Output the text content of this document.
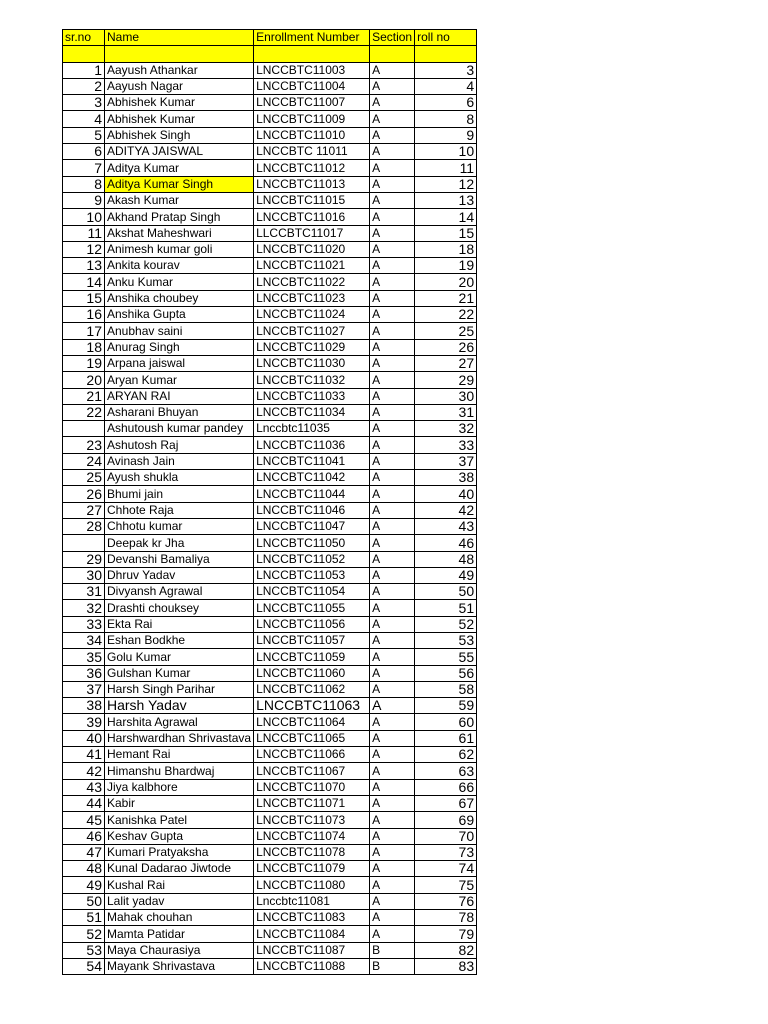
sr.no	Name	Enrollment Number	Section	roll no

1	Aayush Athankar	LNCCBTC11003	A	3
2	Aayush Nagar	LNCCBTC11004	A	4
3	Abhishek Kumar	LNCCBTC11007	A	6
4	Abhishek Kumar	LNCCBTC11009	A	8
5	Abhishek Singh	LNCCBTC11010	A	9
6	ADITYA JAISWAL	LNCCBTC 11011	A	10
7	Aditya Kumar	LNCCBTC11012	A	11
8	Aditya Kumar Singh	LNCCBTC11013	A	12
9	Akash Kumar	LNCCBTC11015	A	13
10	Akhand Pratap Singh	LNCCBTC11016	A	14
11	Akshat Maheshwari	LLCCBTC11017	A	15
12	Animesh kumar goli	LNCCBTC11020	A	18
13	Ankita kourav	LNCCBTC11021	A	19
14	Anku Kumar	LNCCBTC11022	A	20
15	Anshika choubey	LNCCBTC11023	A	21
16	Anshika Gupta	LNCCBTC11024	A	22
17	Anubhav saini	LNCCBTC11027	A	25
18	Anurag Singh	LNCCBTC11029	A	26
19	Arpana jaiswal	LNCCBTC11030	A	27
20	Aryan Kumar	LNCCBTC11032	A	29
21	ARYAN RAI	LNCCBTC11033	A	30
22	Asharani Bhuyan	LNCCBTC11034	A	31
	Ashutoush kumar pandey	Lnccbtc11035	A	32
23	Ashutosh Raj	LNCCBTC11036	A	33
24	Avinash Jain	LNCCBTC11041	A	37
25	Ayush shukla	LNCCBTC11042	A	38
26	Bhumi jain	LNCCBTC11044	A	40
27	Chhote Raja	LNCCBTC11046	A	42
28	Chhotu kumar	LNCCBTC11047	A	43
	Deepak kr Jha	LNCCBTC11050	A	46
29	Devanshi Bamaliya	LNCCBTC11052	A	48
30	Dhruv Yadav	LNCCBTC11053	A	49
31	Divyansh Agrawal	LNCCBTC11054	A	50
32	Drashti chouksey	LNCCBTC11055	A	51
33	Ekta Rai	LNCCBTC11056	A	52
34	Eshan Bodkhe	LNCCBTC11057	A	53
35	Golu Kumar	LNCCBTC11059	A	55
36	Gulshan Kumar	LNCCBTC11060	A	56
37	Harsh Singh Parihar	LNCCBTC11062	A	58
38	Harsh Yadav	LNCCBTC11063	A	59
39	Harshita Agrawal	LNCCBTC11064	A	60
40	Harshwardhan Shrivastava	LNCCBTC11065	A	61
41	Hemant Rai	LNCCBTC11066	A	62
42	Himanshu Bhardwaj	LNCCBTC11067	A	63
43	Jiya kalbhore	LNCCBTC11070	A	66
44	Kabir	LNCCBTC11071	A	67
45	Kanishka Patel	LNCCBTC11073	A	69
46	Keshav Gupta	LNCCBTC11074	A	70
47	Kumari Pratyaksha	LNCCBTC11078	A	73
48	Kunal Dadarao Jiwtode	LNCCBTC11079	A	74
49	Kushal Rai	LNCCBTC11080	A	75
50	Lalit yadav	Lnccbtc11081	A	76
51	Mahak chouhan	LNCCBTC11083	A	78
52	Mamta Patidar	LNCCBTC11084	A	79
53	Maya Chaurasiya	LNCCBTC11087	B	82
54	Mayank Shrivastava	LNCCBTC11088	B	83
